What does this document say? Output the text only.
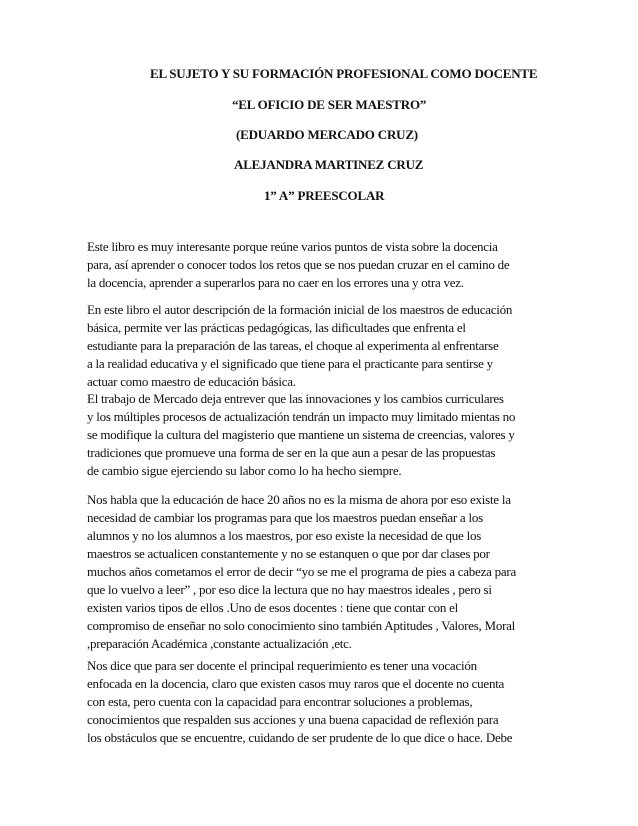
EL SUJETO Y SU FORMACIÓN PROFESIONAL COMO DOCENTE
“EL OFICIO DE SER MAESTRO”
(EDUARDO MERCADO CRUZ)
ALEJANDRA MARTINEZ CRUZ
1” A” PREESCOLAR
Este libro es muy interesante porque reúne varios puntos de vista sobre la docencia
para, así aprender o conocer todos los retos que se nos puedan cruzar en el camino de
la docencia, aprender a superarlos para no caer en los errores una y otra vez.
En este libro el autor descripción de la formación inicial de los maestros de educación
básica, permite ver las prácticas pedagógicas, las dificultades que enfrenta el
estudiante para la preparación de las tareas, el choque al experimenta al enfrentarse
a la realidad educativa y el significado que tiene para el practicante para sentirse y
actuar como maestro de educación básica.
El trabajo de Mercado deja entrever que las innovaciones y los cambios curriculares
y los múltiples procesos de actualización tendrán un impacto muy limitado mientas no
se modifique la cultura del magisterio que mantiene un sistema de creencias, valores y
tradiciones que promueve una forma de ser en la que aun a pesar de las propuestas
de cambio sigue ejerciendo su labor como lo ha hecho siempre.
Nos habla que la educación de hace 20 años no es la misma de ahora por eso existe la
necesidad de cambiar los programas para que los maestros puedan enseñar a los
alumnos y no los alumnos a los maestros, por eso existe la necesidad de que los
maestros se actualicen constantemente y no se estanquen o que por dar clases por
muchos años cometamos el error de decir “yo se me el programa de pies a cabeza para
que lo vuelvo a leer” , por eso dice la lectura que no hay maestros ideales , pero si
existen varios tipos de ellos .Uno de esos docentes : tiene que contar con el
compromiso de enseñar no solo conocimiento sino también Aptitudes , Valores, Moral
,preparación Académica ,constante actualización ,etc.
Nos dice que para ser docente el principal requerimiento es tener una vocación
enfocada en la docencia, claro que existen casos muy raros que el docente no cuenta
con esta, pero cuenta con la capacidad para encontrar soluciones a problemas,
conocimientos que respalden sus acciones y una buena capacidad de reflexión para
los obstáculos que se encuentre, cuidando de ser prudente de lo que dice o hace. Debe
